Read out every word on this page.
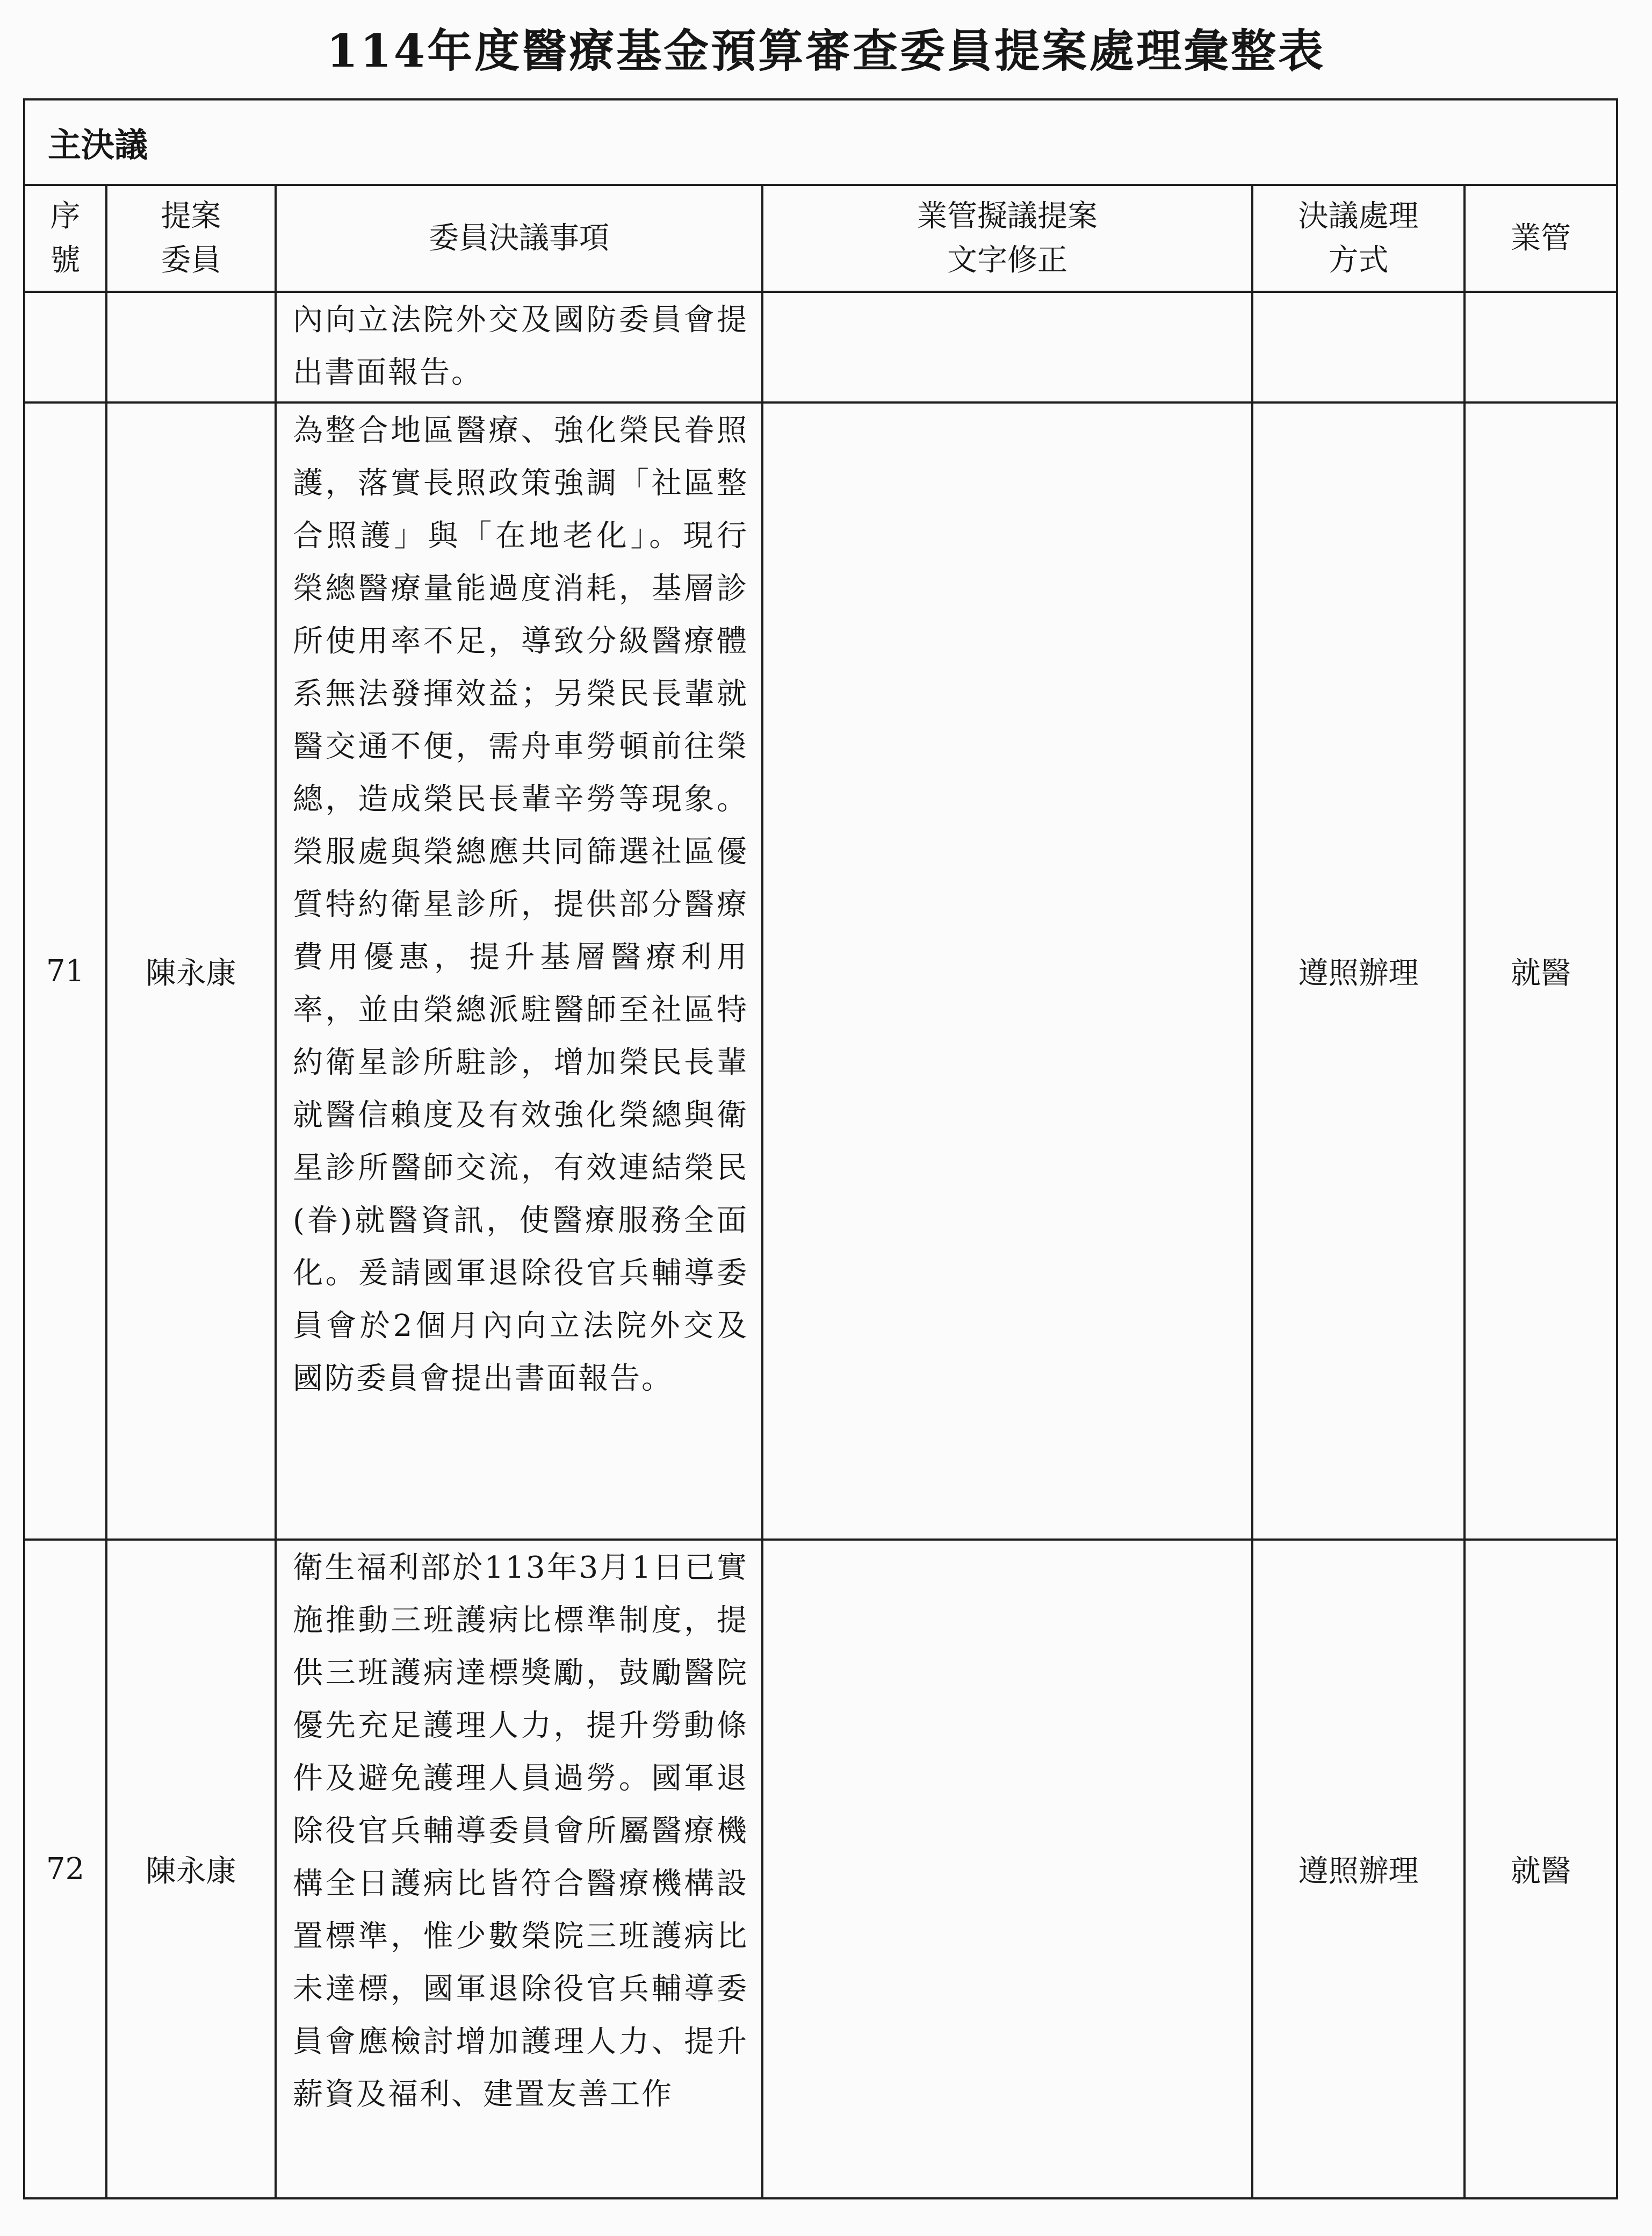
114年度醫療基金預算審查委員提案處理彙整表
主決議					

序號	提案委員	委員決議事項	業管擬議提案文字修正	決議處理方式	業管

		內向立法院外交及國防委員會提出書面報告。			
71	陳永康	為整合地區醫療、強化榮民眷照護，落實長照政策強調「社區整合照護」與「在地老化」。現行榮總醫療量能過度消耗，基層診所使用率不足，導致分級醫療體系無法發揮效益；另榮民長輩就醫交通不便，需舟車勞頓前往榮總，造成榮民長輩辛勞等現象。榮服處與榮總應共同篩選社區優質特約衛星診所，提供部分醫療費用優惠，提升基層醫療利用率，並由榮總派駐醫師至社區特約衛星診所駐診，增加榮民長輩就醫信賴度及有效強化榮總與衛星診所醫師交流，有效連結榮民(眷)就醫資訊，使醫療服務全面化。爰請國軍退除役官兵輔導委員會於2個月內向立法院外交及國防委員會提出書面報告。		遵照辦理	就醫
72	陳永康	衛生福利部於113年3月1日已實施推動三班護病比標準制度，提供三班護病達標獎勵，鼓勵醫院優先充足護理人力，提升勞動條件及避免護理人員過勞。國軍退除役官兵輔導委員會所屬醫療機構全日護病比皆符合醫療機構設置標準，惟少數榮院三班護病比未達標，國軍退除役官兵輔導委員會應檢討增加護理人力、提升薪資及福利、建置友善工作		遵照辦理	就醫
